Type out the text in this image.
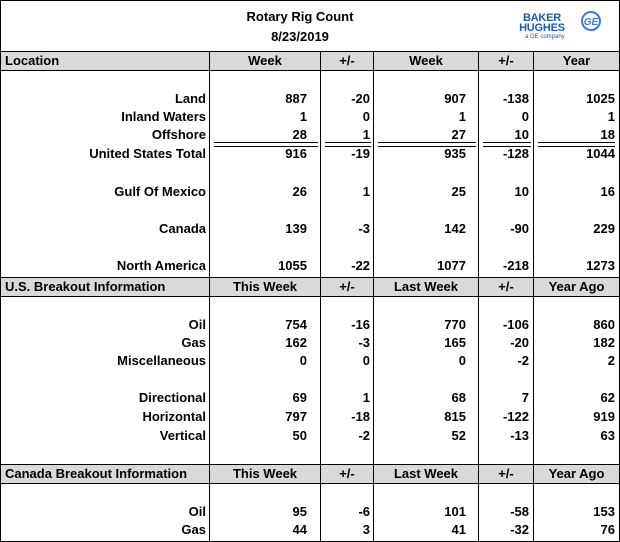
Rotary Rig Count
8/23/2019
BAKER
HUGHES
a GE company
GE
Location	Week	+/-	Week	+/-	Year
Land	887	-20	907	-138	1025
Inland Waters	1	0	1	0	1
Offshore	28	1	27	10	18
United States Total	916	-19	935	-128	1044
Gulf Of Mexico	26	1	25	10	16
Canada	139	-3	142	-90	229
North America	1055	-22	1077	-218	1273
U.S. Breakout Information	This Week	+/-	Last Week	+/-	Year Ago
Oil	754	-16	770	-106	860
Gas	162	-3	165	-20	182
Miscellaneous	0	0	0	-2	2
Directional	69	1	68	7	62
Horizontal	797	-18	815	-122	919
Vertical	50	-2	52	-13	63
Canada Breakout Information	This Week	+/-	Last Week	+/-	Year Ago
Oil	95	-6	101	-58	153
Gas	44	3	41	-32	76
